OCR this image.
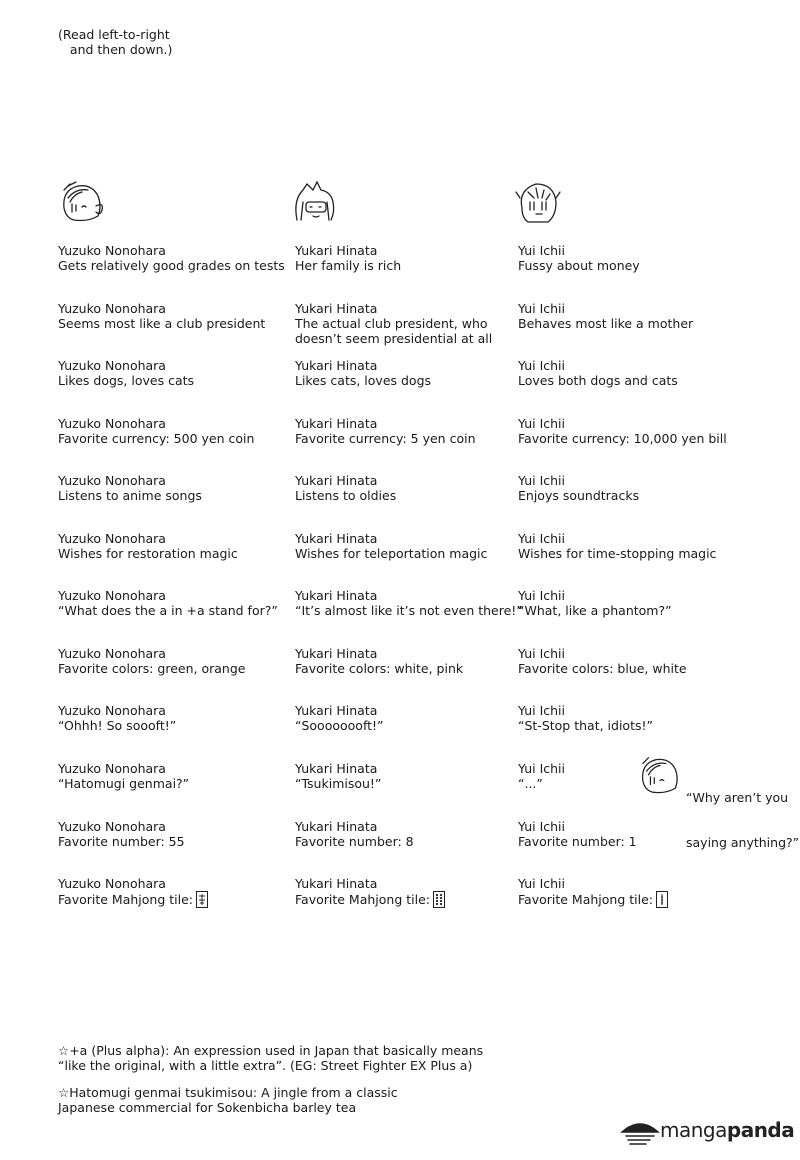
(Read left-to-right
and then down.)
Yuzuko Nonohara
Gets relatively good grades on tests
Yuzuko Nonohara
Seems most like a club president
Yuzuko Nonohara
Likes dogs, loves cats
Yuzuko Nonohara
Favorite currency: 500 yen coin
Yuzuko Nonohara
Listens to anime songs
Yuzuko Nonohara
Wishes for restoration magic
Yuzuko Nonohara
“What does the a in +a stand for?”
Yuzuko Nonohara
Favorite colors: green, orange
Yuzuko Nonohara
“Ohhh! So soooft!”
Yuzuko Nonohara
“Hatomugi genmai?”
Yuzuko Nonohara
Favorite number: 55
Yuzuko Nonohara
Favorite Mahjong tile:
Yukari Hinata
Her family is rich
Yukari Hinata
The actual club president, who
doesn’t seem presidential at all
Yukari Hinata
Likes cats, loves dogs
Yukari Hinata
Favorite currency: 5 yen coin
Yukari Hinata
Listens to oldies
Yukari Hinata
Wishes for teleportation magic
Yukari Hinata
“It’s almost like it’s not even there!”
Yukari Hinata
Favorite colors: white, pink
Yukari Hinata
“Soooooooft!”
Yukari Hinata
“Tsukimisou!”
Yukari Hinata
Favorite number: 8
Yukari Hinata
Favorite Mahjong tile:
Yui Ichii
Fussy about money
Yui Ichii
Behaves most like a mother
Yui Ichii
Loves both dogs and cats
Yui Ichii
Favorite currency: 10,000 yen bill
Yui Ichii
Enjoys soundtracks
Yui Ichii
Wishes for time-stopping magic
Yui Ichii
“What, like a phantom?”
Yui Ichii
Favorite colors: blue, white
Yui Ichii
“St-Stop that, idiots!”
Yui Ichii
“...”
Yui Ichii
Favorite number: 1
Yui Ichii
Favorite Mahjong tile:

“Why aren’t you

saying anything?”

☆+a (Plus alpha): An expression used in Japan that basically means
“like the original, with a little extra”. (EG: Street Fighter EX Plus a)
☆Hatomugi genmai tsukimisou: A jingle from a classic
Japanese commercial for Sokenbicha barley tea
mangapanda
